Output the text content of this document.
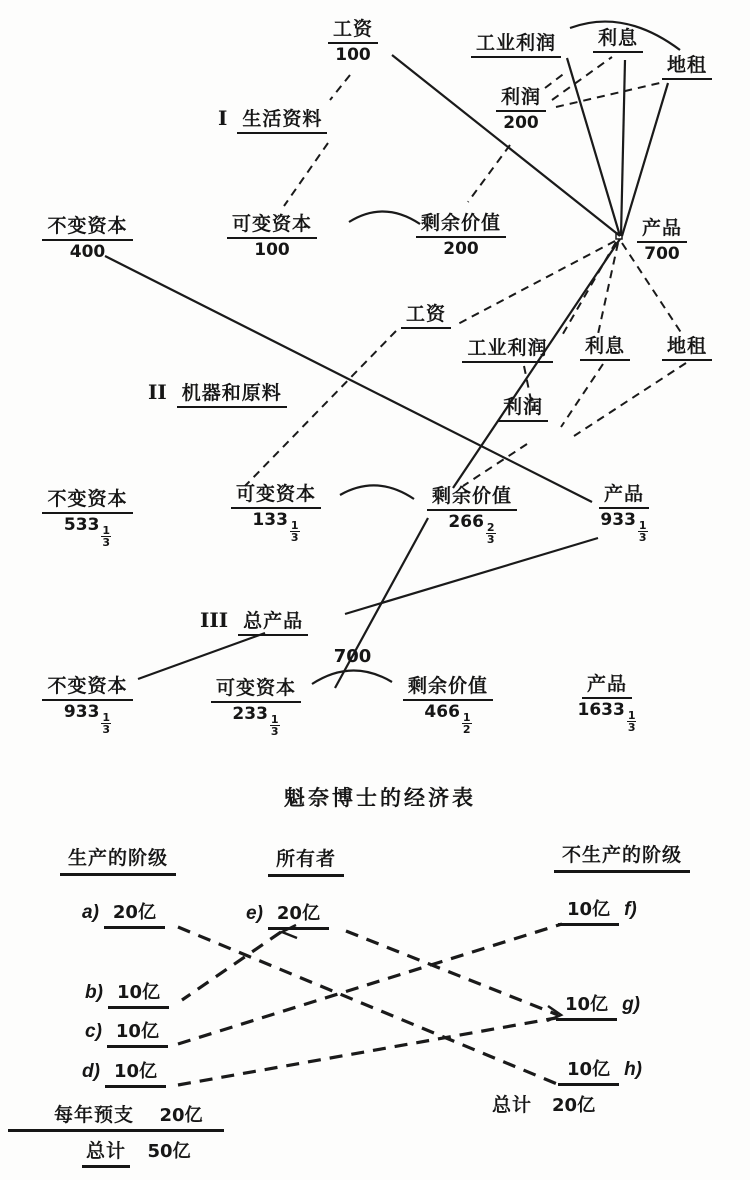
工资
100
工业利润	利息
地租
利润
200
I 生活资料
不变资本
400
可变资本
100
剩余价值
200
产品
700
工资
工业利润	利息	地租
利润
II 机器和原料
不变资本
$533 \frac{1}{3}$
可变资本
$133 \frac{1}{3}$
剩余价值
$266 \frac{2}{3}$
产品
$933 \frac{1}{3}$
III 总产品
700
不变资本
$933 \frac{1}{3}$
可变资本
$233 \frac{1}{3}$
剩余价值
$466 \frac{1}{2}$
产品
$1633 \frac{1}{3}$
魁奈博士的经济表
生产的阶级	所有者	不生产的阶级
a) 20亿
b) 10亿
c) 10亿
d) 10亿
e) 20亿	10亿 f)
10亿 g)
10亿 h)
总计	20亿
每年预支	20亿
总计	50亿
